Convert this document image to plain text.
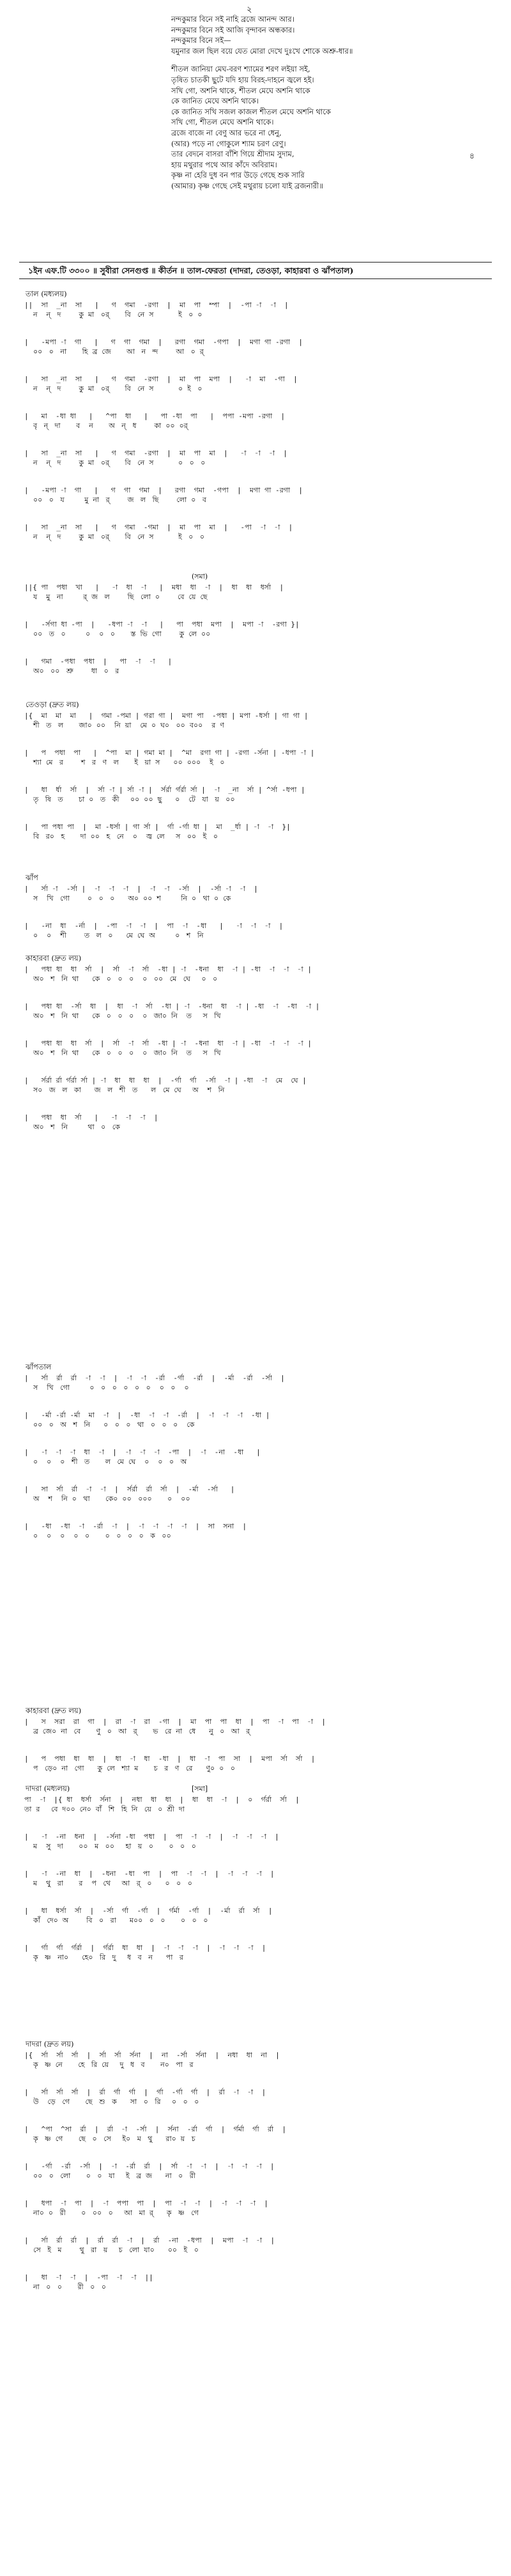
২
নন্দকুমার বিনে সই নাহি ব্রজে আনন্দ আর।
নন্দকুমার বিনে সই আজি বৃন্দাবন অন্ধকার।
নন্দকুমার বিনে সই—
যমুনার জল ছিল বয়ে যেত মোরা দেখে দুঃখে শোকে অশ্রু-ধার॥
শীতল জানিয়া মেঘ-বরণ শ্যামের শরণ লইয়া সই,
তৃষিত চাতকী ছুটে যদি হায় বিরহ-দাহনে জ্বলে হই।
সখি গো, অশনি থাকে, শীতল মেঘে অশনি থাকে
কে জানিত মেঘে অশনি থাকে।
কে জানিত সখি সজল কাজল শীতল মেঘে অশনি থাকে
সখি গো, শীতল মেঘে অশনি থাকে।
ব্রজে বাজে না বেণু আর ভরে না ধেনু,
(আর) পড়ে না গোকুলে শ্যাম চরণ রেণু।
তার বেদনে বাসরা বাঁশি গিয়ে শ্রীদাম সুদাম,
হায় মথুরার পথে আর কাঁদে অবিরাম।
কৃষ্ণ না হেরি দুধ বন পার উড়ে গেছে শুক সারি
(আমার) কৃষ্ণ গেছে সেই মথুরায় চলো যাই ব্রজনারী॥
৪
১ইন এফ.টি ৩৩০০ ॥ সুবীরা সেনগুপ্ত ॥ কীর্তন ॥ তাল-ফেরতা (দাদরা, তেওড়া, কাহারবা ও ঝাঁপতাল)
তাল (মধ্যলয়)
||  সা  _না  সা   |   গ  গমা  -রগা  |  মা  পা  ম্পা  |  -পা -া  -া  |
ন    ন্   দ        কু  মা   ০র্       বি   নে  স           ই   ০  ০
|   -মপা -া  গা   |   গ  গা  গমা  |   রগা  গমা  -গপা  |  মগা গা -রগা  |
০০   ০   না       হি  ব্র  জে       আ   ন   ন্দ        আ   ০  র্
|   সা  _না  সা   |   গ  গমা  -রগা  |  মা  পা  মপা  |   -া  মা  -গা  |
ন    ন্   দ        কু  মা   ০র্       বি   নে  স           ০  ই   ০
|   মা  -ধা ধা   |   ^পা  ধা   |   পা -ধা  পা   |  পপা -মপা -রগা  |
বৃ   ন্   দা       ব    ন       অ   ন্   ধ        কা  ০০  ০র্
|   সা  _না  সা   |   গ  গমা  -রগা  |  মা  পা  মা  |   -া  -া  -া  |
ন    ন্   দ        কু  মা   ০র্       বি   নে  স           ০   ০   ০
|   -মপা -া  গা   |   গ  গা  গমা  |   রগা  গমা  -গপা  |  মগা গা -রগা  |
০০   ০   য         মু  না   র্        জ   ল   ছি        লো  ০   ব
|   সা  _না  সা   |   গ  গমা  -গমা  |  মা  পা  মা  |   -পা  -া  -া  |
ন    ন্   দ        কু  মা   ০র্       বি   নে  স           ই   ০   ০
(সমা)
||{ পা  পধা  খা   |   -া  ধা  -া   |  মধা  ধা  -া  |  ধা  ধা  ধর্সা  |
য    মু   না         র্  জ   ল        ছি   লো  ০        বে  য়ে  ছে
|   -র্সগা ধা -পা  |   -ধপা -া  -া   |   পা  পধা  মপা  |  মপা -া  -রগা }|
০০   ত   ০         ০    ০   ০       স্ত  ভি  গো        কু  লে  ০০
|   গমা  -পধা  পধা  |   পা  -া  -া   |
অ০   ০০   শ্রু        ধা   ০   র
তেওড়া (দ্রুত লয়)
|{  মা  মা  মা   |  গমা -পমা | গরা গা |  মগা পা  -পধা | মপা -ধর্সা | গা গা |
শী   ত   ল       জা০  ০০    নি  য়া    মে  ০  ঘ০   ০০  ব০০    র  ণ
|   প  পধা  পা   |  ^পা  মা | গমা মা |  ^মা  রগা গা | -রগা -র্সনা | -ধপা -া |
শ্যা  মে   র        শ   র   ণ   ল       ই   য়া  স      ০০  ০০০    ই   ০
|   ধা  র্ধা  র্সা  |  র্সা -া | র্সা -া |  র্সর্রা র্গর্রা র্সা |  -া  _না  র্সা | ^র্সা -ধপা |
তৃ   ষি   ত       চা  ০   ত   কী     ০০  ০০  ছু      ০    টে   যা   য়   ০০
|   পা পধা পা  |  মা -ধর্সা | গা র্সা |  র্গা -র্গা ধা |  মা  _র্ধা | -া  -া  }|
বি   র০   হ       দা  ০০   হ   নে    ০    জ্ব  লে     স   ০০   ই   ০
ঝাঁপ
|   র্সা -া  -র্সা |  -া  -া  -া  |  -া  -া  -র্সা  |  -র্সা -া  -া  |
স    খি   গো        ০   ০   ০      অ০  ০০  শ         নি  ০   থা  ০  কে
|   -না  ধা  -র্না  |  -পা  -া  -া  |  পা  -া  -ধা   |   -া  -া  -া  |
০    ০    শী        ত   ল   ০      মে  ঘে  অ         ০   শ   নি
কাহারবা (দ্রুত লয়)
|   পধা ধা  ধা  র্সা  |  র্সা  -া  র্সা  -ধা | -া  -ধনা  ধা  -া | -ধা  -া  -া  -া |
অ০   শ   নি  থা      কে   ০   ০   ০    ০   ০০   মে   ঘে     ০   ০
|   পধা ধা  -র্সা  ধা  |  ধা  -া  র্সা  -ধা | -া  -ধনা  ধা  -া | -ধা  -া  -ধা  -া |
অ০   শ   নি  থা      কে   ০   ০   ০    ০   জা০  নি    ত     স   খি
|   পধা ধা  ধা  র্সা  |  র্সা  -া  র্সা  -ধা | -া  -ধনা  ধা  -া | -ধা  -া  -া  -া |
অ০   শ   নি  থা      কে   ০   ০   ০    ০   জা০  নি    ত     স   খি
|   র্সর্রা র্রা র্গর্রা র্সা | -া  ধা  ধা  ধা  |  -র্গা  র্গা  -র্সা  -া | -ধা  -া  মে  ঘে |
স০   জ   ল   কা      জ   ল   শী   ত      ল   মে  ঘে     অ    শ   নি
|   পধা  ধা  র্সা   |   -া  -া  -া  |
অ০   শ   নি         থা   ০   কে
ঝাঁপতাল
|   র্সা  র্রা  র্রা  -া  -া  |  -া  -া  -র্রা  -র্গা  -র্রা  |  -র্মা  -র্রা  -র্সা  |
স    খি   গো         ০   ০   ০   ০   ০   ০    ০   ০    ০
|   -র্মা -র্রা -র্মা  মা  -া  |  -ধা  -া  -া  -র্রা  |  -া  -া  -া  -ধা |
০০   ০   অ   শ   নি      ০   ০   ০   থা   ০   ০   ০    কে
|   -া  -া  -া  ধা  -া  |  -া  -া  -া  -পা  |  -া  -না  -ধা   |
০    ০    ০   শী   ত       ল   মে  ঘে    ০    ০   ০   অ
|   সা  র্সা  র্রা  -া  -া  |  র্সর্রা  র্রা  র্সা  |  -র্মা  -র্সা   |
অ    শ    নি  ০   থা       কে০  ০০   ০০০       ০    ০০
|   -ধা  -ধা  -া  -র্রা  -া  |  -া  -া  -া  -া  |  সা  সনা  |
০    ০    ০    ০   ০       ০   ০   ০   ০   ক   ০০
কাহারবা (দ্রুত লয়)
|   স  সরা  রা  গা  |  রা  -া  রা  -গা  |  মা  পা  পা  ধা  |  পা  -া  পা  -া  |
ব্র  জে০  না   বে       ণু   ০   আ   র্       ভ   রে  না   ধে      নু   ০   আ   র্
|   প  পধা  ধা  ধা  |  ধা  -া  ধা  -ধা  |  ধা  -া  পা  সা  |  মপা  র্সা  র্সা  |
প   ড়ে০  না   গো      কু  লে   শ্যা  ম       চ   র   ণ   রে      ণু০  ০   ০
দাদরা (মধ্যলয়)	[সমা]
পা  -া  |{ ধা  ধর্সা  র্সনা  |  নধা  ধা  ধা  |  ধা  ধা  -া  |  ০  র্গর্রা  র্সা  |
তা  র     বে  দ০০  নে০  বাঁ   শি   হি  নি   য়ে   ০  শ্রী  দা
|   -া  -না  ধনা  |  -র্সনা -ধা  পধা  |  পা  -া  -া  |  -া  -া  -া  |
ম    সু   দা       ০০   ম   ০০     হা   য়   ০       ০   ০   ০
|   -া  -না  ধা  |  -ধনা  -ধা  পা  |  পা  -া  -া  |  -া  -া  -া  |
ম    থু   রা       র    প   থে     আ   র্   ০      ০   ০   ০
|   ধা  ধর্সা  র্সা  |  -র্সা  র্গা  -র্গা  |  র্গর্মা  -র্গা  |  -র্মা  র্রা  র্সা  |
কাঁ   দে০  অ        বি   ০   রা      ম০০   ০   ০       ০   ০   ০
|   র্গা  র্গা  র্গর্রা  |  র্গর্রা  ধা  ধা  |  -া  -া  -া  |  -া  -া  -া  |
কৃ   ষ্ণ   না০      হে০   রি   দু     ধ   ব   ন      পা   র
দাদরা (দ্রুত লয়)
|{  র্সা  র্সা  র্সা  |  র্সা  র্সা  র্সনা  |  না  -র্সা  র্সনা  |  নধা  ধা  না  |
কৃ   ষ্ণ  নে       হে   রি  য়ে     দু   ধ   ব       ন০   পা   র
|   র্সা  র্সা  র্সা  |  র্রা  র্গা  র্গা  |  র্গা  -র্গা  র্গা  |  র্রা  -া  -া  |
উ    ড়ে   গে       ছে   শু   ক      সা   ০   রি     ০   ০   ০
|   ^পা  ^সা  র্রা  |  র্রা  -া  -র্সা  |  র্সনা  -র্রা  র্গা  |  র্গর্মা  র্গা  র্রা  |
কৃ   ষ্ণ  গে       ছে   ০   সে     ই০   ম   থু      রা০  য়   চ
|   -র্গা  -র্রা  -র্সা  |  -া  -র্রা  র্রা  |  র্সা  -া  -া  |  -া  -া  -া  |
০০   ০   লো       ০   ০   যা     ই   ব্র  জ      না   ০   রী
|   ধপা  -া  পা  |  -া  পপা  পা  |  পা  -া  -া  |  -া  -া  -া  |
না০  ০   রী       ০   ০০   ০     আ   মা  র্      কৃ   ষ্ণ   গে
|   র্সা  র্রা  র্রা  |  র্রা  র্রা  -া  |  র্রা  -না  -ধপা  |  মপা  -া  -া  |
সে   ই   ম        থু   রা   য়     চ   লো  যা০      ০০   ই   ০
|   ধা  -া  -া  |  -পা  -া  -া  ||
না   ০   ০       রী   ০   ০
